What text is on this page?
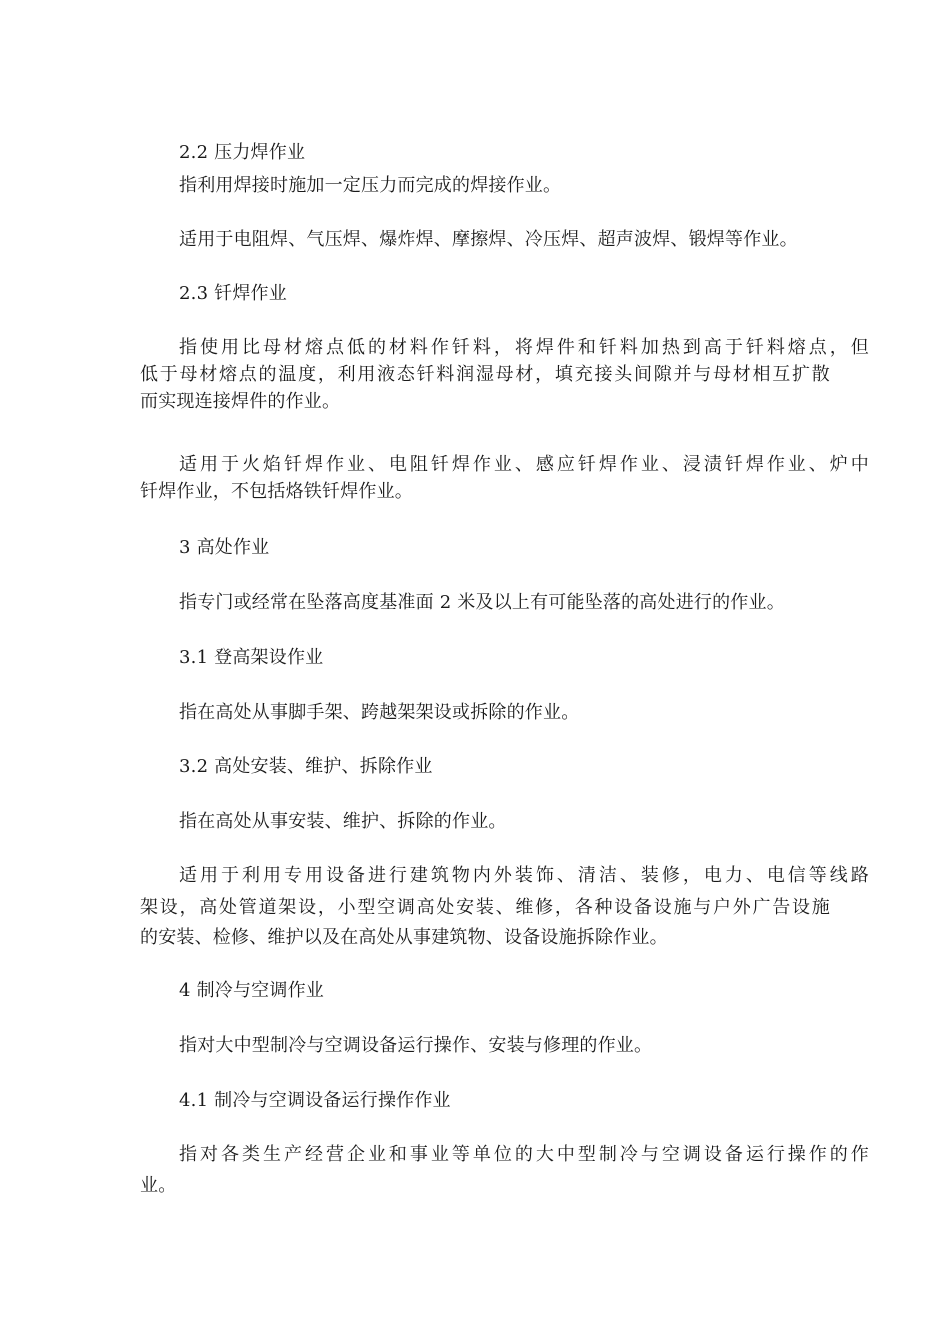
2.2 压力焊作业
指利用焊接时施加一定压力而完成的焊接作业。
适用于电阻焊、气压焊、爆炸焊、摩擦焊、冷压焊、超声波焊、锻焊等作业。
2.3 钎焊作业
指使用比母材熔点低的材料作钎料，将焊件和钎料加热到高于钎料熔点，但
低于母材熔点的温度，利用液态钎料润湿母材，填充接头间隙并与母材相互扩散
而实现连接焊件的作业。
适用于火焰钎焊作业、电阻钎焊作业、感应钎焊作业、浸渍钎焊作业、炉中
钎焊作业，不包括烙铁钎焊作业。
3 高处作业
指专门或经常在坠落高度基准面 2 米及以上有可能坠落的高处进行的作业。
3.1 登高架设作业
指在高处从事脚手架、跨越架架设或拆除的作业。
3.2 高处安装、维护、拆除作业
指在高处从事安装、维护、拆除的作业。
适用于利用专用设备进行建筑物内外装饰、清洁、装修，电力、电信等线路
架设，高处管道架设，小型空调高处安装、维修，各种设备设施与户外广告设施
的安装、检修、维护以及在高处从事建筑物、设备设施拆除作业。
4 制冷与空调作业
指对大中型制冷与空调设备运行操作、安装与修理的作业。
4.1 制冷与空调设备运行操作作业
指对各类生产经营企业和事业等单位的大中型制冷与空调设备运行操作的作
业。
